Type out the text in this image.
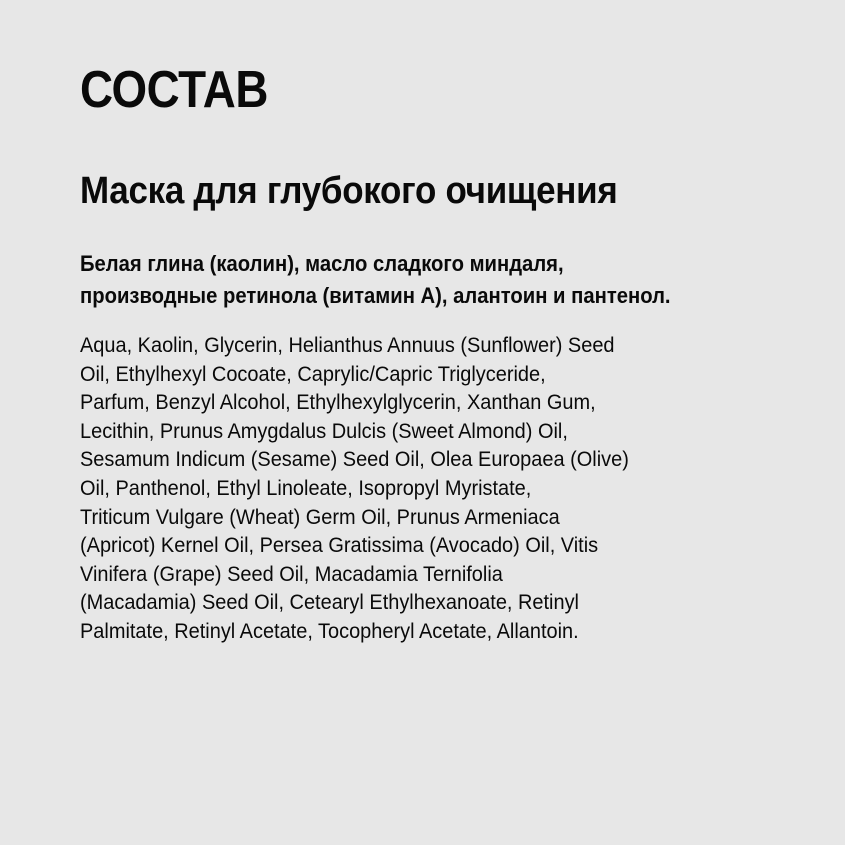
СОСТАВ
Маска для глубокого очищения

Белая глина (каолин), масло сладкого миндаля,
производные ретинола (витамин А), алантоин и пантенол.

Aqua, Kaolin, Glycerin, Helianthus Annuus (Sunflower) Seed
Oil, Ethylhexyl Cocoate, Caprylic/Capric Triglyceride,
Parfum, Benzyl Alcohol, Ethylhexylglycerin, Xanthan Gum,
Lecithin, Prunus Amygdalus Dulcis (Sweet Almond) Oil,
Sesamum Indicum (Sesame) Seed Oil, Olea Europaea (Olive)
Oil, Panthenol, Ethyl Linoleate, Isopropyl Myristate,
Triticum Vulgare (Wheat) Germ Oil, Prunus Armeniaca
(Apricot) Kernel Oil, Persea Gratissima (Avocado) Oil, Vitis
Vinifera (Grape) Seed Oil, Macadamia Ternifolia
(Macadamia) Seed Oil, Cetearyl Ethylhexanoate, Retinyl
Palmitate, Retinyl Acetate, Tocopheryl Acetate, Allantoin.
